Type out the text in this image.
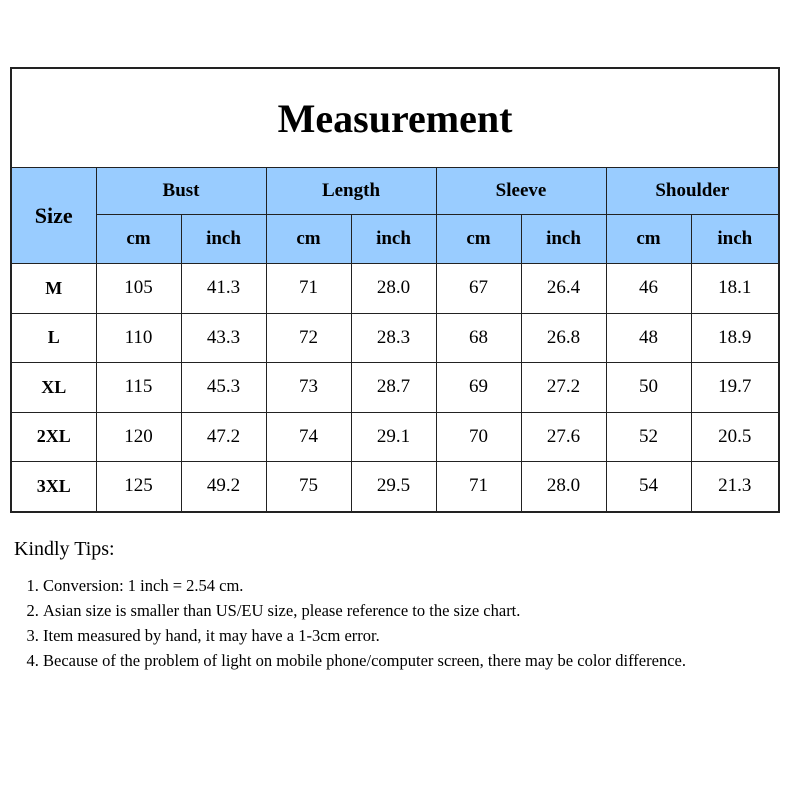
Measurement								
Size	Bust		Length		Sleeve		Shoulder	
	cm	inch	cm	inch	cm	inch	cm	inch
M	105	41.3	71	28.0	67	26.4	46	18.1
L	110	43.3	72	28.3	68	26.8	48	18.9
XL	115	45.3	73	28.7	69	27.2	50	19.7
2XL	120	47.2	74	29.1	70	27.6	52	20.5
3XL	125	49.2	75	29.5	71	28.0	54	21.3
Kindly Tips:
1. Conversion: 1 inch = 2.54 cm.
2. Asian size is smaller than US/EU size, please reference to the size chart.
3. Item measured by hand, it may have a 1-3cm error.
4. Because of the problem of light on mobile phone/computer screen, there may be color difference.
